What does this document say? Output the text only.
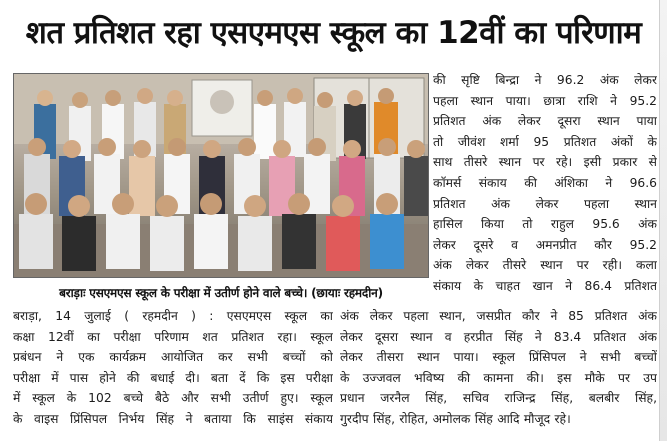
शत प्रतिशत रहा एसएमएस स्कूल का 12वीं का परिणाम
बराड़ाः एसएमएस स्कूल के परीक्षा में उतीर्ण होने वाले बच्चे। (छायाः रहमदीन)
की सृष्टि बिन्द्रा ने 96.2 अंक लेकर
पहला स्थान पाया। छात्रा राशि ने 95.2
प्रतिशत अंक लेकर दूसरा स्थान पाया
तो जीवंश शर्मा 95 प्रतिशत अंकों के
साथ तीसरे स्थान पर रहे। इसी प्रकार से
कॉमर्स संकाय की अंशिका ने 96.6
प्रतिशत अंक लेकर पहला स्थान
हासिल किया तो राहुल 95.6 अंक
लेकर दूसरे व अमनप्रीत कौर 95.2
अंक लेकर तीसरे स्थान पर रही। कला
संकाय के चाहत खान ने 86.4 प्रतिशत
बराड़ा, 14 जुलाई ( रहमदीन ) : एसएमएस स्कूल का
कक्षा 12वीं का परीक्षा परिणाम शत प्रतिशत रहा। स्कूल
प्रबंधन ने एक कार्यक्रम आयोजित कर सभी बच्चों को
परीक्षा में पास होने की बधाई दी। बता दें कि इस परीक्षा
में स्कूल के 102 बच्चे बैठे और सभी उतीर्ण हुए। स्कूल
के वाइस प्रिंसिपल निर्भय सिंह ने बताया कि साइंस संकाय
अंक लेकर पहला स्थान, जसप्रीत कौर ने 85 प्रतिशत अंक
लेकर दूसरा स्थान व हरप्रीत सिंह ने 83.4 प्रतिशत अंक
लेकर तीसरा स्थान पाया। स्कूल प्रिंसिपल ने सभी बच्चों
के उज्जवल भविष्य की कामना की। इस मौके पर उप
प्रधान जरनैल सिंह, सचिव राजिन्द्र सिंह, बलबीर सिंह,
गुरदीप सिंह, रोहित, अमोलक सिंह आदि मौजूद रहे।
